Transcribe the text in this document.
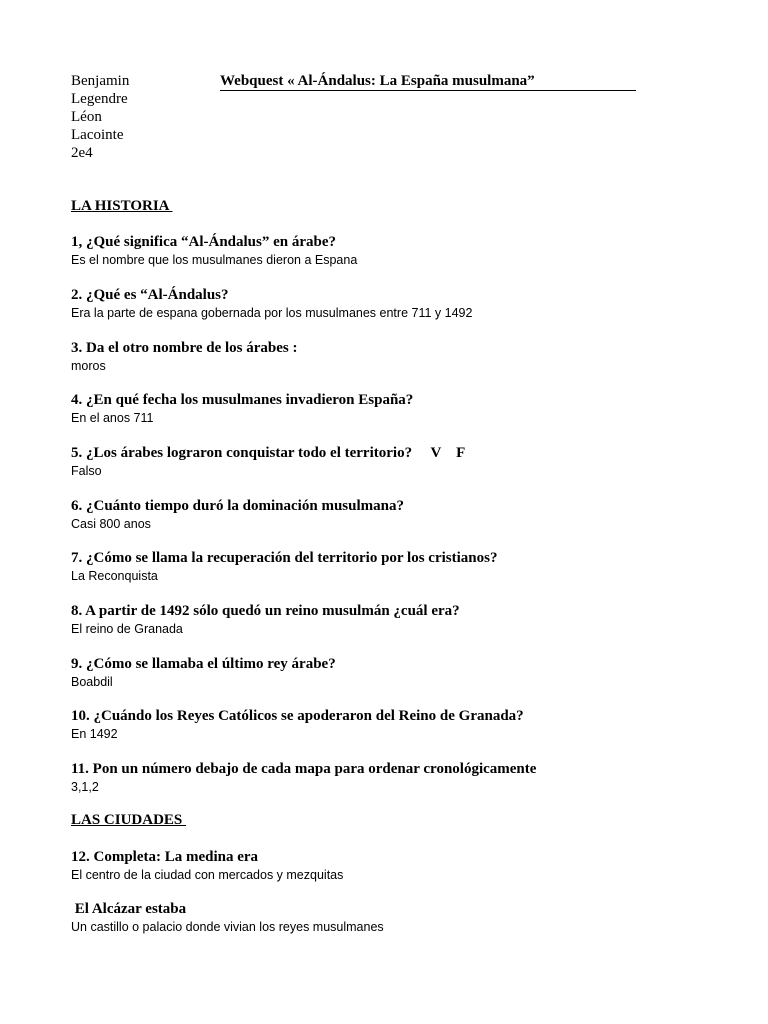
Benjamin
Legendre
Léon
Lacointe
2e4
Webquest « Al-Ándalus: La España musulmana”
LA HISTORIA
1, ¿Qué significa “Al-Ándalus” en árabe?
Es el nombre que los musulmanes dieron a Espana
2. ¿Qué es “Al-Ándalus?
Era la parte de espana gobernada por los musulmanes entre 711 y 1492
3. Da el otro nombre de los árabes :
moros
4. ¿En qué fecha los musulmanes invadieron España?
En el anos 711
5. ¿Los árabes lograron conquistar todo el territorio?     V    F
Falso
6. ¿Cuánto tiempo duró la dominación musulmana?
Casi 800 anos
7. ¿Cómo se llama la recuperación del territorio por los cristianos?
La Reconquista
8. A partir de 1492 sólo quedó un reino musulmán ¿cuál era?
El reino de Granada
9. ¿Cómo se llamaba el último rey árabe?
Boabdil
10. ¿Cuándo los Reyes Católicos se apoderaron del Reino de Granada?
En 1492
11. Pon un número debajo de cada mapa para ordenar cronológicamente
3,1,2
LAS CIUDADES
12. Completa: La medina era
El centro de la ciudad con mercados y mezquitas
El Alcázar estaba
Un castillo o palacio donde vivian los reyes musulmanes
